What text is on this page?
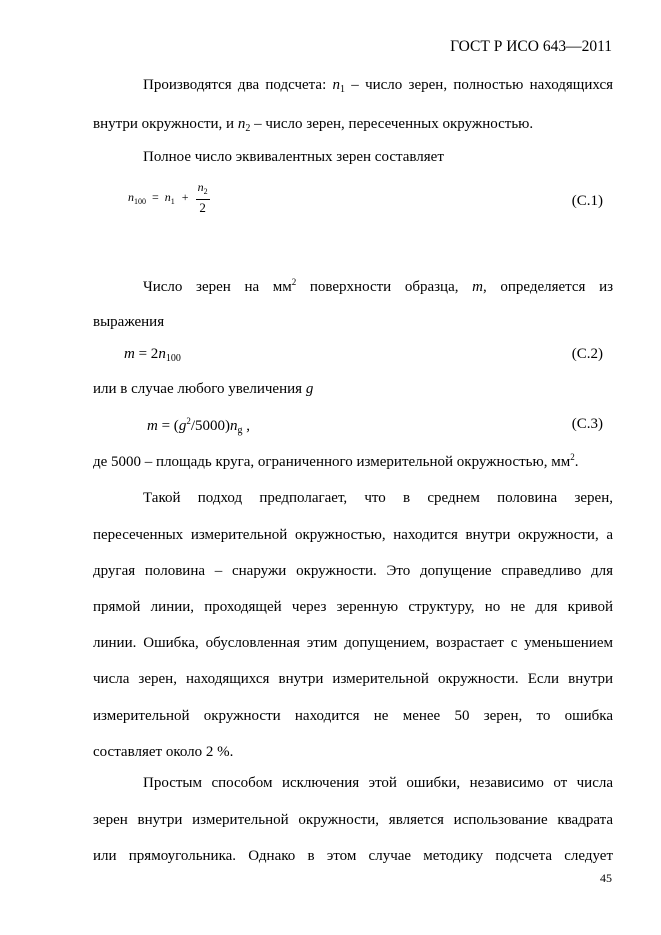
ГОСТ Р ИСО 643—2011
Производятся два подсчета: $n_1$ – число зерен, полностью находящихся
внутри окружности, и $n_2$ – число зерен, пересеченных окружностью.
Полное число эквивалентных зерен составляет
$n_{100} = n_1 + \frac{n_2}{2}$	(С.1)
Число зерен на $мм^2$ поверхности образца, m, определяется из
выражения
$m = 2n_{100}$	(С.2)
или в случае любого увеличения g
$m = (g^2/5000)n_g$ ,	(С.3)
де 5000 – площадь круга, ограниченного измерительной окружностью, $мм^2$.
Такой подход предполагает, что в среднем половина зерен,
пересеченных измерительной окружностью, находится внутри окружности, а
другая половина – снаружи окружности. Это допущение справедливо для
прямой линии, проходящей через зеренную структуру, но не для кривой
линии. Ошибка, обусловленная этим допущением, возрастает с уменьшением
числа зерен, находящихся внутри измерительной окружности. Если внутри
измерительной окружности находится не менее 50 зерен, то ошибка
составляет около 2 %.
Простым способом исключения этой ошибки, независимо от числа
зерен внутри измерительной окружности, является использование квадрата
или прямоугольника. Однако в этом случае методику подсчета следует
45
